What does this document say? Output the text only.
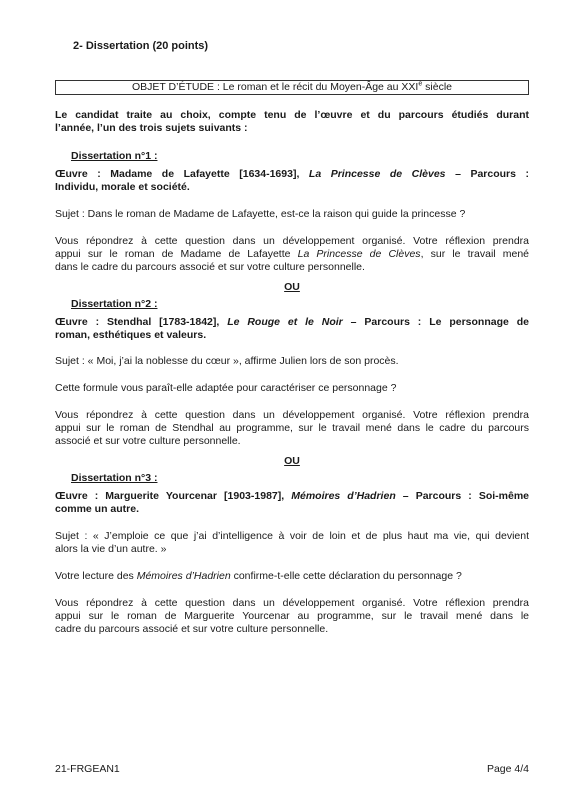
2- Dissertation (20 points)
OBJET D’ÉTUDE : Le roman et le récit du Moyen-Âge au XXIe siècle
Le candidat traite au choix, compte tenu de l’œuvre et du parcours étudiés durant
l’année, l’un des trois sujets suivants :
Dissertation n°1 :
Œuvre : Madame de Lafayette [1634-1693], La Princesse de Clèves – Parcours :
Individu, morale et société.
Sujet : Dans le roman de Madame de Lafayette, est-ce la raison qui guide la princesse ?
Vous répondrez à cette question dans un développement organisé. Votre réflexion prendra
appui sur le roman de Madame de Lafayette La Princesse de Clèves, sur le travail mené
dans le cadre du parcours associé et sur votre culture personnelle.
OU
Dissertation n°2 :
Œuvre : Stendhal [1783-1842], Le Rouge et le Noir – Parcours : Le personnage de
roman, esthétiques et valeurs.
Sujet : « Moi, j’ai la noblesse du cœur », affirme Julien lors de son procès.
Cette formule vous paraît-elle adaptée pour caractériser ce personnage ?
Vous répondrez à cette question dans un développement organisé. Votre réflexion prendra
appui sur le roman de Stendhal au programme, sur le travail mené dans le cadre du parcours
associé et sur votre culture personnelle.
OU
Dissertation n°3 :
Œuvre : Marguerite Yourcenar [1903-1987], Mémoires d’Hadrien – Parcours : Soi-même
comme un autre.
Sujet : « J’emploie ce que j’ai d’intelligence à voir de loin et de plus haut ma vie, qui devient
alors la vie d’un autre. »
Votre lecture des Mémoires d’Hadrien confirme-t-elle cette déclaration du personnage ?
Vous répondrez à cette question dans un développement organisé. Votre réflexion prendra
appui sur le roman de Marguerite Yourcenar au programme, sur le travail mené dans le
cadre du parcours associé et sur votre culture personnelle.
21-FRGEAN1	Page 4/4
